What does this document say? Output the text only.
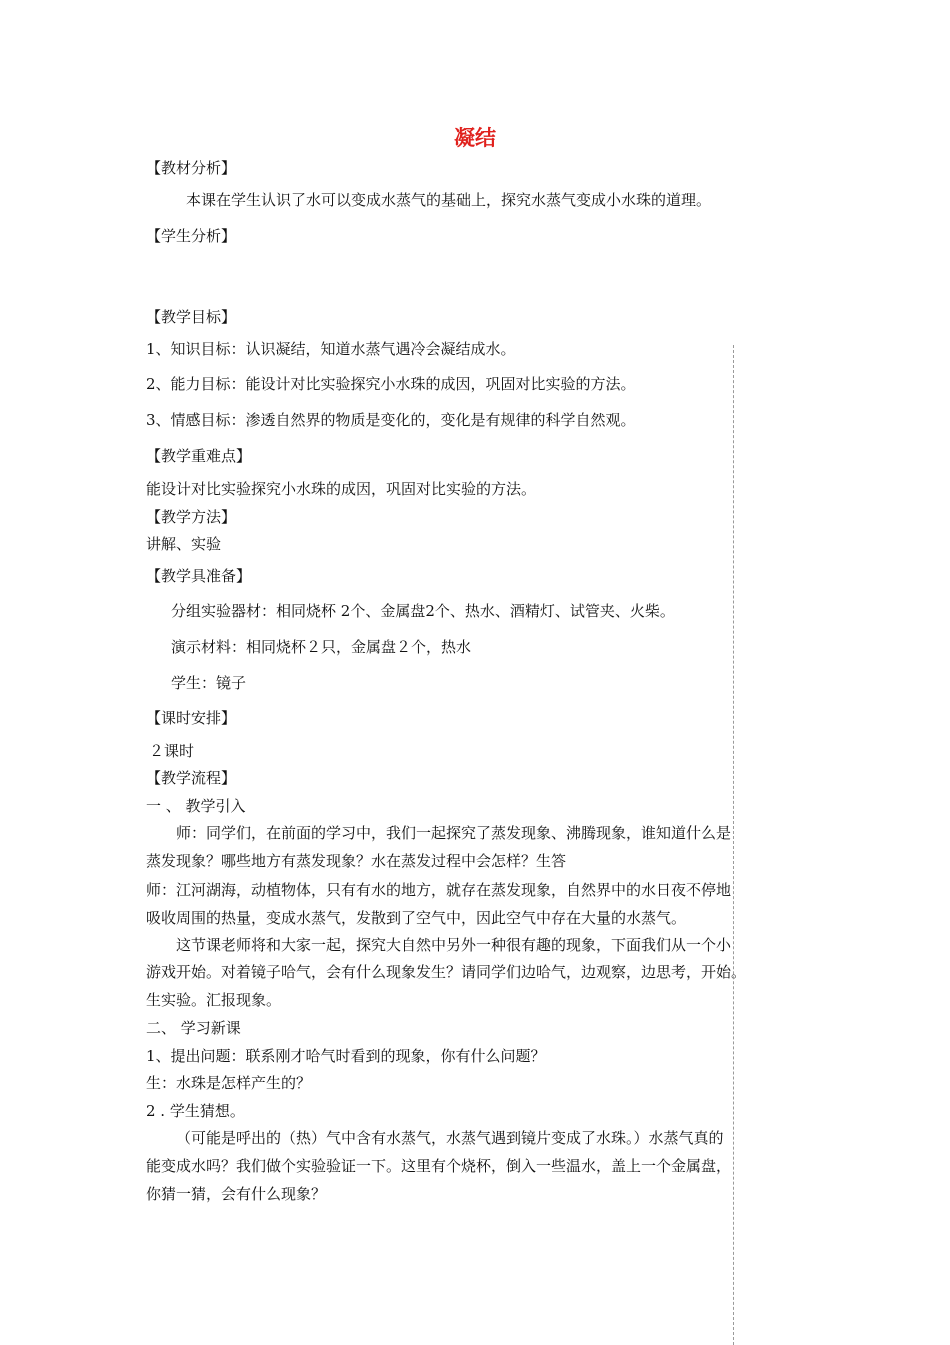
凝结
【教材分析】
本课在学生认识了水可以变成水蒸气的基础上，探究水蒸气变成小水珠的道理。
【学生分析】
【教学目标】
1、知识目标：认识凝结，知道水蒸气遇冷会凝结成水。
2、能力目标：能设计对比实验探究小水珠的成因，巩固对比实验的方法。
3、情感目标：渗透自然界的物质是变化的，变化是有规律的科学自然观。
【教学重难点】
能设计对比实验探究小水珠的成因，巩固对比实验的方法。
【教学方法】
讲解、实验
【教学具准备】
分组实验器材：相同烧杯 2个、金属盘2个、热水、酒精灯、试管夹、火柴。
演示材料：相同烧杯２只，金属盘２个，热水
学生：镜子
【课时安排】
２课时
【教学流程】
一 、 教学引入
师：同学们，在前面的学习中，我们一起探究了蒸发现象、沸腾现象，谁知道什么是
蒸发现象？哪些地方有蒸发现象？水在蒸发过程中会怎样？生答
师：江河湖海，动植物体，只有有水的地方，就存在蒸发现象，自然界中的水日夜不停地
吸收周围的热量，变成水蒸气，发散到了空气中，因此空气中存在大量的水蒸气。
这节课老师将和大家一起，探究大自然中另外一种很有趣的现象，下面我们从一个小
游戏开始。对着镜子哈气，会有什么现象发生？请同学们边哈气，边观察，边思考，开始。
生实验。汇报现象。
二、 学习新课
1、提出问题：联系刚才哈气时看到的现象，你有什么问题？
生：水珠是怎样产生的？
2 . 学生猜想。
（可能是呼出的（热）气中含有水蒸气，水蒸气遇到镜片变成了水珠。）水蒸气真的
能变成水吗？我们做个实验验证一下。这里有个烧杯，倒入一些温水，盖上一个金属盘，
你猜一猜，会有什么现象？
